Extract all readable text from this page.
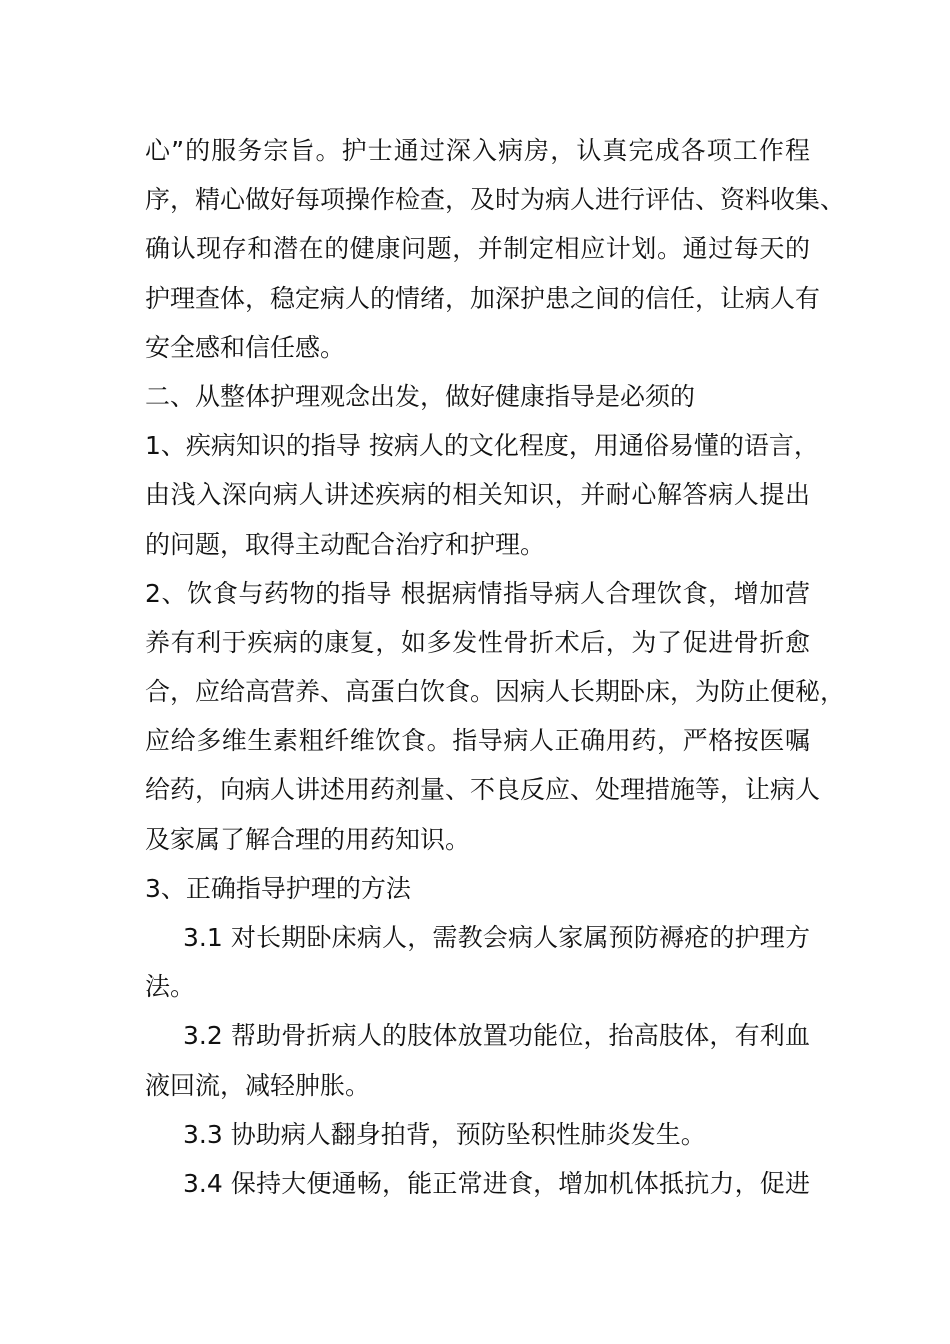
心”的服务宗旨。护士通过深入病房，认真完成各项工作程
序，精心做好每项操作检查，及时为病人进行评估、资料收集、
确认现存和潜在的健康问题，并制定相应计划。通过每天的
护理查体，稳定病人的情绪，加深护患之间的信任，让病人有
安全感和信任感。
二、从整体护理观念出发，做好健康指导是必须的
1、疾病知识的指导 按病人的文化程度，用通俗易懂的语言，
由浅入深向病人讲述疾病的相关知识，并耐心解答病人提出
的问题，取得主动配合治疗和护理。
2、饮食与药物的指导 根据病情指导病人合理饮食，增加营
养有利于疾病的康复，如多发性骨折术后，为了促进骨折愈
合，应给高营养、高蛋白饮食。因病人长期卧床，为防止便秘，
应给多维生素粗纤维饮食。指导病人正确用药，严格按医嘱
给药，向病人讲述用药剂量、不良反应、处理措施等，让病人
及家属了解合理的用药知识。
3、正确指导护理的方法
3.1 对长期卧床病人，需教会病人家属预防褥疮的护理方
法。
3.2 帮助骨折病人的肢体放置功能位，抬高肢体，有利血
液回流，减轻肿胀。
3.3 协助病人翻身拍背，预防坠积性肺炎发生。
3.4 保持大便通畅，能正常进食，增加机体抵抗力，促进
